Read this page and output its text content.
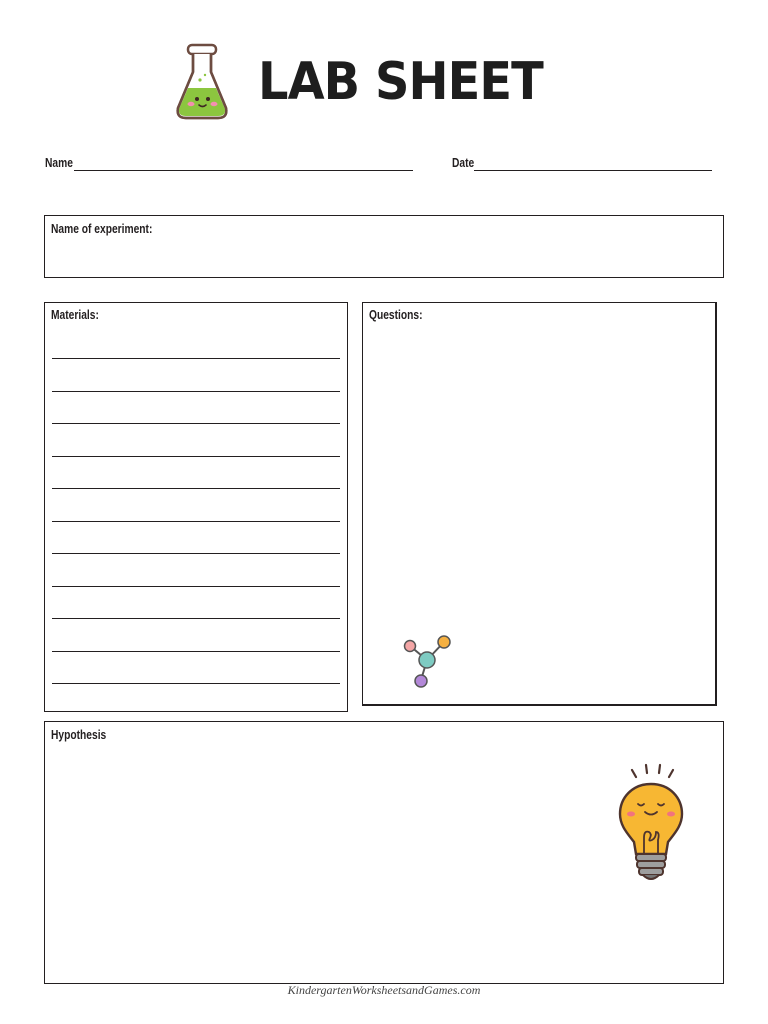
LAB SHEET
Name	Date
Name of experiment:
Materials:	Questions:
Hypothesis
KindergartenWorksheetsandGames.com
